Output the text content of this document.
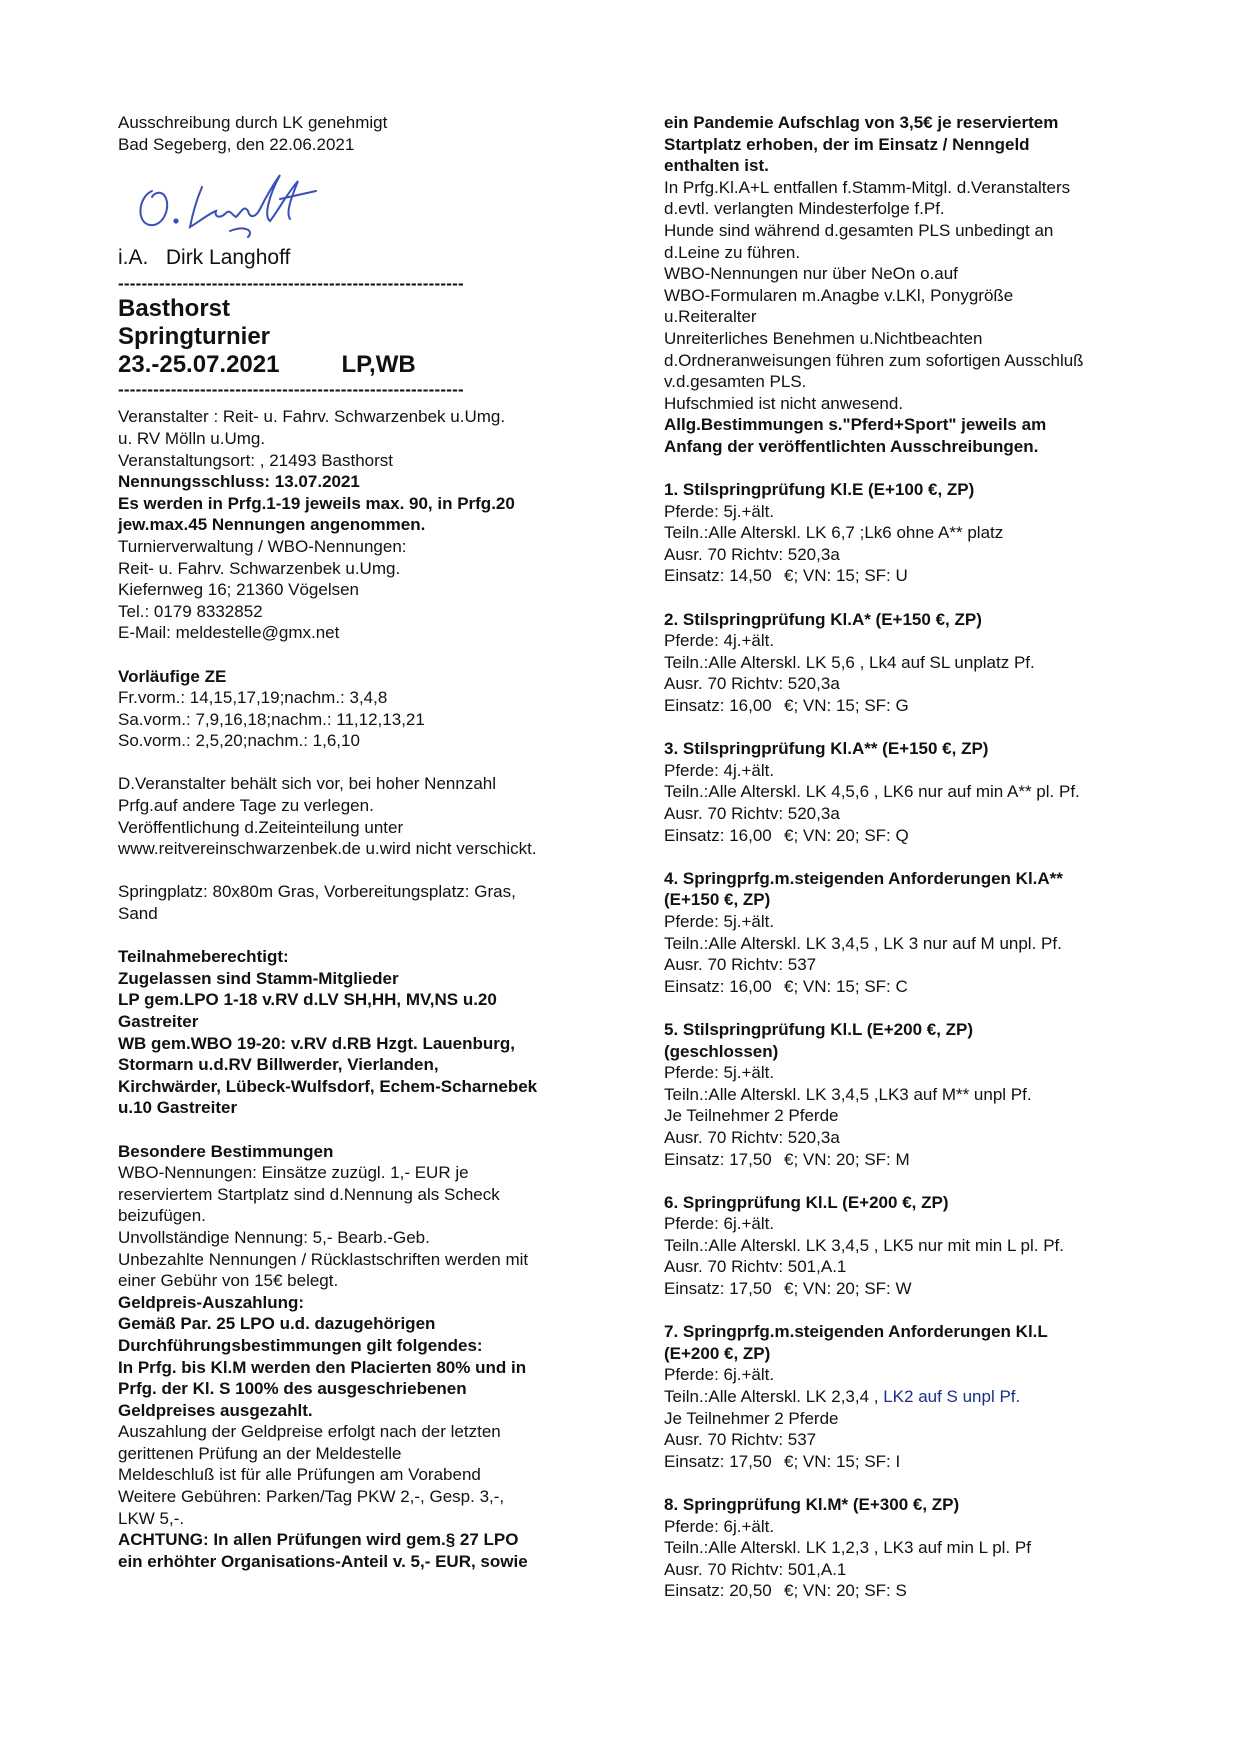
Ausschreibung durch LK genehmigt
Bad Segeberg, den 22.06.2021
i.A. Dirk Langhoff
-----------------------------------------------------------
Basthorst
Springturnier
23.-25.07.2021	LP,WB
-----------------------------------------------------------
Veranstalter : Reit- u. Fahrv. Schwarzenbek u.Umg.
u. RV Mölln u.Umg.
Veranstaltungsort: , 21493 Basthorst
Nennungsschluss: 13.07.2021
Es werden in Prfg.1-19 jeweils max. 90, in Prfg.20
jew.max.45 Nennungen angenommen.
Turnierverwaltung / WBO-Nennungen:
Reit- u. Fahrv. Schwarzenbek u.Umg.
Kiefernweg 16; 21360 Vögelsen
Tel.: 0179 8332852
E-Mail: meldestelle@gmx.net
Vorläufige ZE
Fr.vorm.: 14,15,17,19;nachm.: 3,4,8
Sa.vorm.: 7,9,16,18;nachm.: 11,12,13,21
So.vorm.: 2,5,20;nachm.: 1,6,10
D.Veranstalter behält sich vor, bei hoher Nennzahl
Prfg.auf andere Tage zu verlegen.
Veröffentlichung d.Zeiteinteilung unter
www.reitvereinschwarzenbek.de u.wird nicht verschickt.
Springplatz: 80x80m Gras, Vorbereitungsplatz: Gras,
Sand
Teilnahmeberechtigt:
Zugelassen sind Stamm-Mitglieder
LP gem.LPO 1-18 v.RV d.LV SH,HH, MV,NS u.20
Gastreiter
WB gem.WBO 19-20: v.RV d.RB Hzgt. Lauenburg,
Stormarn u.d.RV Billwerder, Vierlanden,
Kirchwärder, Lübeck-Wulfsdorf, Echem-Scharnebek
u.10 Gastreiter
Besondere Bestimmungen
WBO-Nennungen: Einsätze zuzügl. 1,- EUR je
reserviertem Startplatz sind d.Nennung als Scheck
beizufügen.
Unvollständige Nennung: 5,- Bearb.-Geb.
Unbezahlte Nennungen / Rücklastschriften werden mit
einer Gebühr von 15€ belegt.
Geldpreis-Auszahlung:
Gemäß Par. 25 LPO u.d. dazugehörigen
Durchführungsbestimmungen gilt folgendes:
In Prfg. bis Kl.M werden den Placierten 80% und in
Prfg. der Kl. S 100% des ausgeschriebenen
Geldpreises ausgezahlt.
Auszahlung der Geldpreise erfolgt nach der letzten
gerittenen Prüfung an der Meldestelle
Meldeschluß ist für alle Prüfungen am Vorabend
Weitere Gebühren: Parken/Tag PKW 2,-, Gesp. 3,-,
LKW 5,-.
ACHTUNG: In allen Prüfungen wird gem.§ 27 LPO
ein erhöhter Organisations-Anteil v. 5,- EUR, sowie
ein Pandemie Aufschlag von 3,5€ je reserviertem
Startplatz erhoben, der im Einsatz / Nenngeld
enthalten ist.
In Prfg.Kl.A+L entfallen f.Stamm-Mitgl. d.Veranstalters
d.evtl. verlangten Mindesterfolge f.Pf.
Hunde sind während d.gesamten PLS unbedingt an
d.Leine zu führen.
WBO-Nennungen nur über NeOn o.auf
WBO-Formularen m.Anagbe v.LKl, Ponygröße
u.Reiteralter
Unreiterliches Benehmen u.Nichtbeachten
d.Ordneranweisungen führen zum sofortigen Ausschluß
v.d.gesamten PLS.
Hufschmied ist nicht anwesend.
Allg.Bestimmungen s."Pferd+Sport" jeweils am
Anfang der veröffentlichten Ausschreibungen.
1. Stilspringprüfung Kl.E (E+100 €, ZP)
Pferde: 5j.+ält.
Teiln.:Alle Alterskl. LK 6,7 ;Lk6 ohne A** platz
Ausr. 70 Richtv: 520,3a
Einsatz: 14,50 €; VN: 15; SF: U
2. Stilspringprüfung Kl.A* (E+150 €, ZP)
Pferde: 4j.+ält.
Teiln.:Alle Alterskl. LK 5,6 , Lk4 auf SL unplatz Pf.
Ausr. 70 Richtv: 520,3a
Einsatz: 16,00 €; VN: 15; SF: G
3. Stilspringprüfung Kl.A** (E+150 €, ZP)
Pferde: 4j.+ält.
Teiln.:Alle Alterskl. LK 4,5,6 , LK6 nur auf min A** pl. Pf.
Ausr. 70 Richtv: 520,3a
Einsatz: 16,00 €; VN: 20; SF: Q
4. Springprfg.m.steigenden Anforderungen Kl.A**
(E+150 €, ZP)
Pferde: 5j.+ält.
Teiln.:Alle Alterskl. LK 3,4,5 , LK 3 nur auf M unpl. Pf.
Ausr. 70 Richtv: 537
Einsatz: 16,00 €; VN: 15; SF: C
5. Stilspringprüfung Kl.L (E+200 €, ZP)
(geschlossen)
Pferde: 5j.+ält.
Teiln.:Alle Alterskl. LK 3,4,5 ,LK3 auf M** unpl Pf.
Je Teilnehmer 2 Pferde
Ausr. 70 Richtv: 520,3a
Einsatz: 17,50 €; VN: 20; SF: M
6. Springprüfung Kl.L (E+200 €, ZP)
Pferde: 6j.+ält.
Teiln.:Alle Alterskl. LK 3,4,5 , LK5 nur mit min L pl. Pf.
Ausr. 70 Richtv: 501,A.1
Einsatz: 17,50 €; VN: 20; SF: W
7. Springprfg.m.steigenden Anforderungen Kl.L
(E+200 €, ZP)
Pferde: 6j.+ält.
Teiln.:Alle Alterskl. LK 2,3,4 , LK2 auf S unpl Pf.
Je Teilnehmer 2 Pferde
Ausr. 70 Richtv: 537
Einsatz: 17,50 €; VN: 15; SF: I
8. Springprüfung Kl.M* (E+300 €, ZP)
Pferde: 6j.+ält.
Teiln.:Alle Alterskl. LK 1,2,3 , LK3 auf min L pl. Pf
Ausr. 70 Richtv: 501,A.1
Einsatz: 20,50 €; VN: 20; SF: S
